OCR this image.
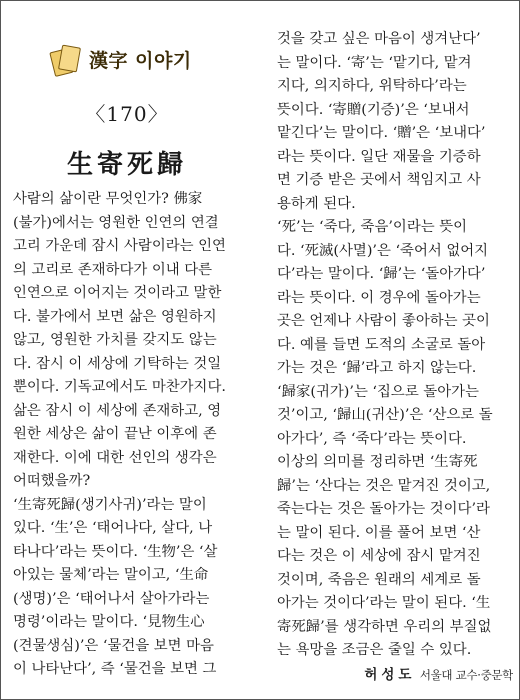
漢字 이야기
〈170〉
生寄死歸
사람의 삶이란 무엇인가? 佛家
(불가)에서는 영원한 인연의 연결
고리 가운데 잠시 사람이라는 인연
의 고리로 존재하다가 이내 다른
인연으로 이어지는 것이라고 말한
다. 불가에서 보면 삶은 영원하지
않고, 영원한 가치를 갖지도 않는
다. 잠시 이 세상에 기탁하는 것일
뿐이다. 기독교에서도 마찬가지다.
삶은 잠시 이 세상에 존재하고, 영
원한 세상은 삶이 끝난 이후에 존
재한다. 이에 대한 선인의 생각은
어떠했을까?
‘生寄死歸(생기사귀)’라는 말이
있다. ‘生’은 ‘태어나다, 살다, 나
타나다’라는 뜻이다. ‘生物’은 ‘살
아있는 물체’라는 말이고, ‘生命
(생명)’은 ‘태어나서 살아가라는
명령’이라는 말이다. ‘見物生心
(견물생심)’은 ‘물건을 보면 마음
이 나타난다’, 즉 ‘물건을 보면 그
것을 갖고 싶은 마음이 생겨난다’
는 말이다. ‘寄’는 ‘맡기다, 맡겨
지다, 의지하다, 위탁하다’라는
뜻이다. ‘寄贈(기증)’은 ‘보내서
맡긴다’는 말이다. ‘贈’은 ‘보내다’
라는 뜻이다. 일단 재물을 기증하
면 기증 받은 곳에서 책임지고 사
용하게 된다.
‘死’는 ‘죽다, 죽음’이라는 뜻이
다. ‘死滅(사멸)’은 ‘죽어서 없어지
다’라는 말이다. ‘歸’는 ‘돌아가다’
라는 뜻이다. 이 경우에 돌아가는
곳은 언제나 사람이 좋아하는 곳이
다. 예를 들면 도적의 소굴로 돌아
가는 것은 ‘歸’라고 하지 않는다.
‘歸家(귀가)’는 ‘집으로 돌아가는
것’이고, ‘歸山(귀산)’은 ‘산으로 돌
아가다’, 즉 ‘죽다’라는 뜻이다.
이상의 의미를 정리하면 ‘生寄死
歸’는 ‘산다는 것은 맡겨진 것이고,
죽는다는 것은 돌아가는 것이다’라
는 말이 된다. 이를 풀어 보면 ‘산
다는 것은 이 세상에 잠시 맡겨진
것이며, 죽음은 원래의 세계로 돌
아가는 것이다’라는 말이 된다. ‘生
寄死歸’를 생각하면 우리의 부질없
는 욕망을 조금은 줄일 수 있다.
허성도 서울대 교수·중문학
